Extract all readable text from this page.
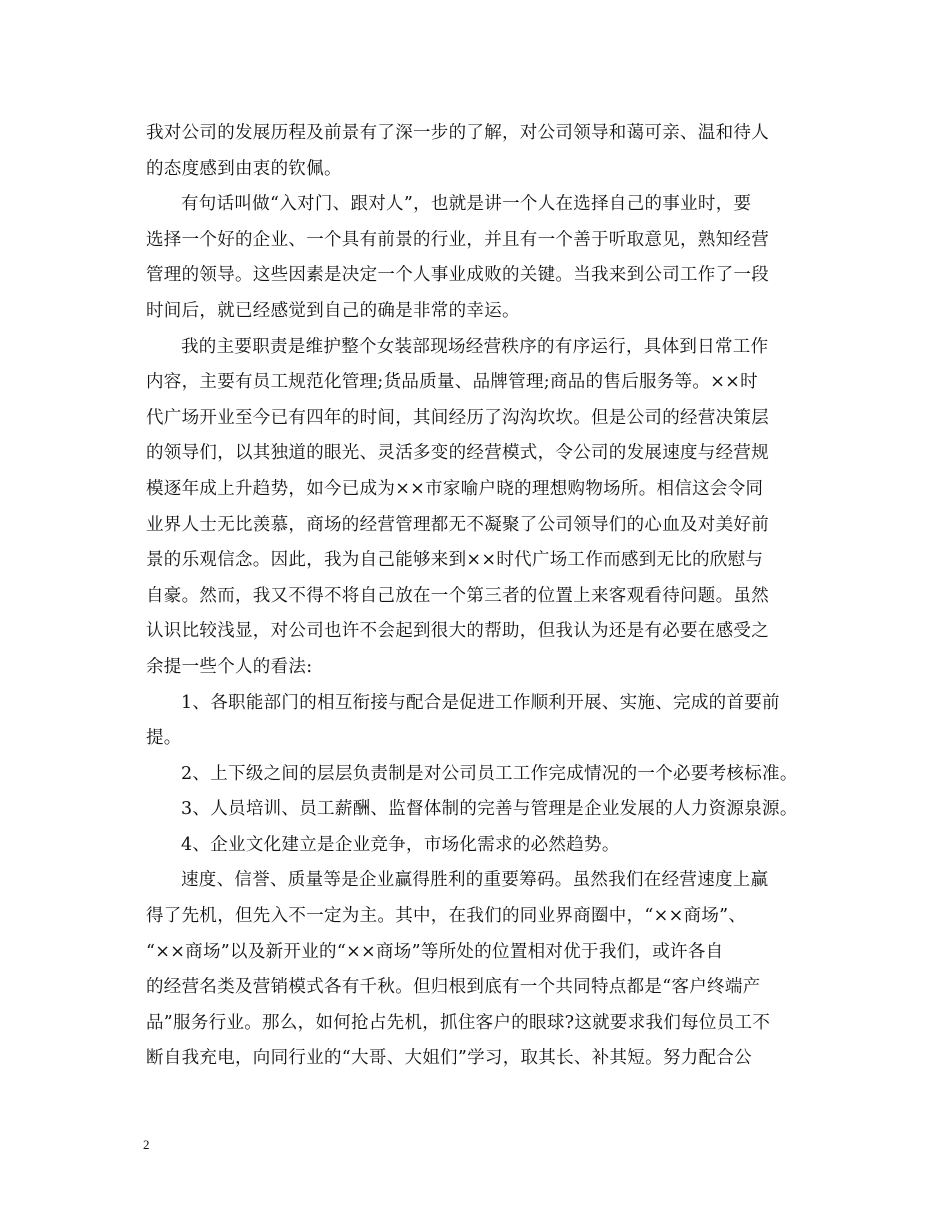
我对公司的发展历程及前景有了深一步的了解，对公司领导和蔼可亲、温和待人
的态度感到由衷的钦佩。
有句话叫做“入对门、跟对人”，也就是讲一个人在选择自己的事业时，要
选择一个好的企业、一个具有前景的行业，并且有一个善于听取意见，熟知经营
管理的领导。这些因素是决定一个人事业成败的关键。当我来到公司工作了一段
时间后，就已经感觉到自己的确是非常的幸运。
我的主要职责是维护整个女装部现场经营秩序的有序运行，具体到日常工作
内容，主要有员工规范化管理;货品质量、品牌管理;商品的售后服务等。××时
代广场开业至今已有四年的时间，其间经历了沟沟坎坎。但是公司的经营决策层
的领导们，以其独道的眼光、灵活多变的经营模式，令公司的发展速度与经营规
模逐年成上升趋势，如今已成为××市家喻户晓的理想购物场所。相信这会令同
业界人士无比羡慕，商场的经营管理都无不凝聚了公司领导们的心血及对美好前
景的乐观信念。因此，我为自己能够来到××时代广场工作而感到无比的欣慰与
自豪。然而，我又不得不将自己放在一个第三者的位置上来客观看待问题。虽然
认识比较浅显，对公司也许不会起到很大的帮助，但我认为还是有必要在感受之
余提一些个人的看法:
1、各职能部门的相互衔接与配合是促进工作顺利开展、实施、完成的首要前
提。
2、上下级之间的层层负责制是对公司员工工作完成情况的一个必要考核标准。
3、人员培训、员工薪酬、监督体制的完善与管理是企业发展的人力资源泉源。
4、企业文化建立是企业竞争，市场化需求的必然趋势。
速度、信誉、质量等是企业赢得胜利的重要筹码。虽然我们在经营速度上赢
得了先机，但先入不一定为主。其中，在我们的同业界商圈中，“××商场”、
“××商场”以及新开业的“××商场”等所处的位置相对优于我们，或许各自
的经营名类及营销模式各有千秋。但归根到底有一个共同特点都是“客户终端产
品”服务行业。那么，如何抢占先机，抓住客户的眼球?这就要求我们每位员工不
断自我充电，向同行业的“大哥、大姐们”学习，取其长、补其短。努力配合公
2
